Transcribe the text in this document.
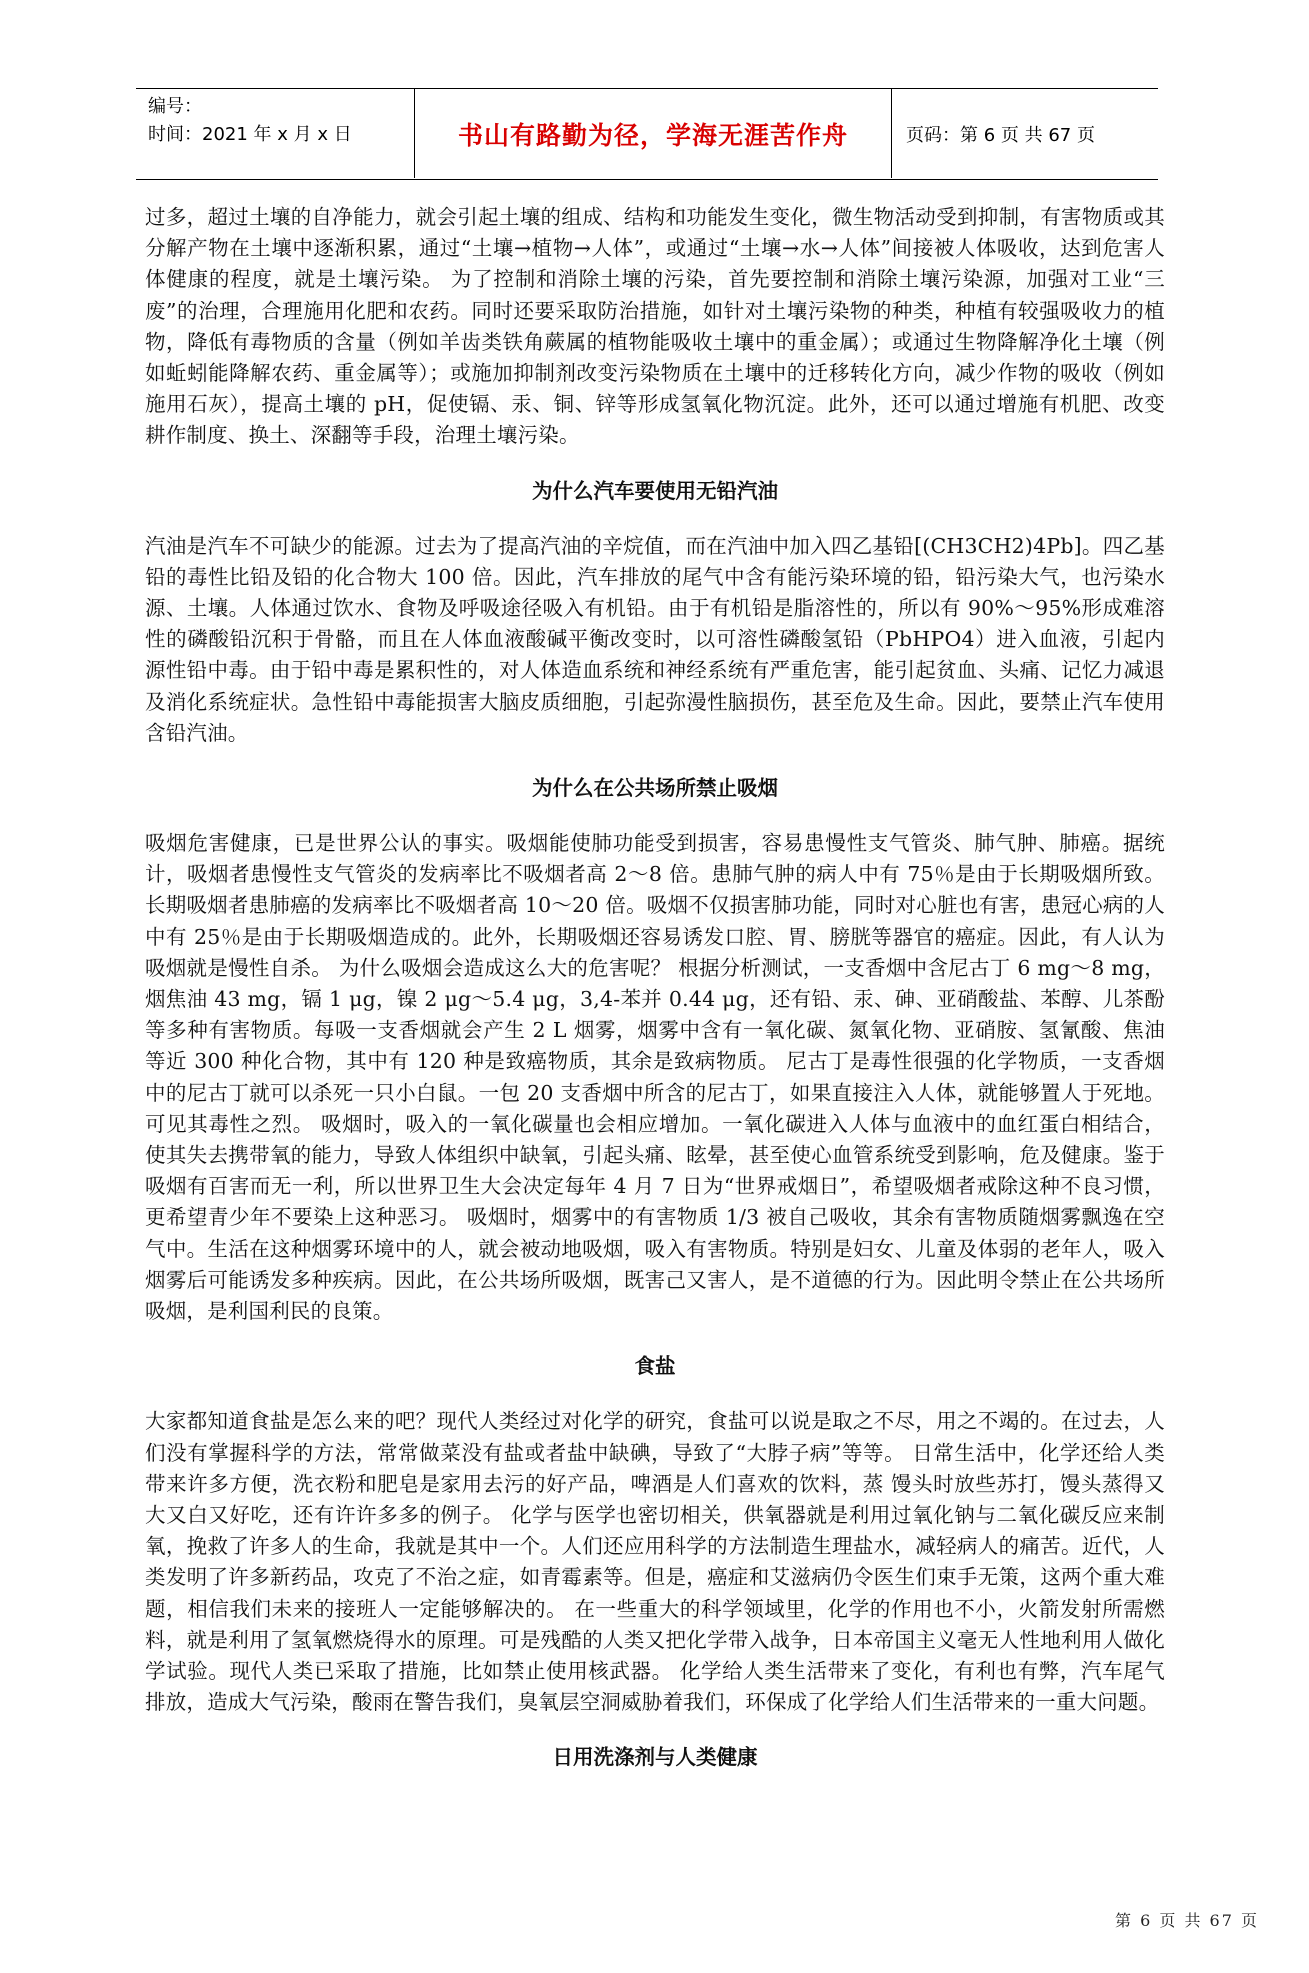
编号：
时间：2021 年 x 月 x 日	书山有路勤为径，学海无涯苦作舟	页码：第 6 页 共 67 页

过多，超过土壤的自净能力，就会引起土壤的组成、结构和功能发生变化，微生物活动受到抑制，有害物质或其分解产物在土壤中逐渐积累，通过“土壤→植物→人体”，或通过“土壤→水→人体”间接被人体吸收，达到危害人体健康的程度，就是土壤污染。 为了控制和消除土壤的污染，首先要控制和消除土壤污染源，加强对工业“三废”的治理，合理施用化肥和农药。同时还要采取防治措施，如针对土壤污染物的种类，种植有较强吸收力的植物，降低有毒物质的含量（例如羊齿类铁角蕨属的植物能吸收土壤中的重金属）；或通过生物降解净化土壤（例如蚯蚓能降解农药、重金属等）；或施加抑制剂改变污染物质在土壤中的迁移转化方向，减少作物的吸收（例如施用石灰），提高土壤的 pH，促使镉、汞、铜、锌等形成氢氧化物沉淀。此外，还可以通过增施有机肥、改变耕作制度、换土、深翻等手段，治理土壤污染。

为什么汽车要使用无铅汽油

汽油是汽车不可缺少的能源。过去为了提高汽油的辛烷值，而在汽油中加入四乙基铅[(CH3CH2)4Pb]。四乙基铅的毒性比铅及铅的化合物大 100 倍。因此，汽车排放的尾气中含有能污染环境的铅，铅污染大气，也污染水源、土壤。人体通过饮水、食物及呼吸途径吸入有机铅。由于有机铅是脂溶性的，所以有 90%～95%形成难溶性的磷酸铅沉积于骨骼，而且在人体血液酸碱平衡改变时，以可溶性磷酸氢铅（PbHPO4）进入血液，引起内源性铅中毒。由于铅中毒是累积性的，对人体造血系统和神经系统有严重危害，能引起贫血、头痛、记忆力减退及消化系统症状。急性铅中毒能损害大脑皮质细胞，引起弥漫性脑损伤，甚至危及生命。因此，要禁止汽车使用含铅汽油。

为什么在公共场所禁止吸烟

吸烟危害健康，已是世界公认的事实。吸烟能使肺功能受到损害，容易患慢性支气管炎、肺气肿、肺癌。据统计，吸烟者患慢性支气管炎的发病率比不吸烟者高 2～8 倍。患肺气肿的病人中有 75％是由于长期吸烟所致。长期吸烟者患肺癌的发病率比不吸烟者高 10～20 倍。吸烟不仅损害肺功能，同时对心脏也有害，患冠心病的人中有 25％是由于长期吸烟造成的。此外，长期吸烟还容易诱发口腔、胃、膀胱等器官的癌症。因此，有人认为吸烟就是慢性自杀。 为什么吸烟会造成这么大的危害呢？ 根据分析测试，一支香烟中含尼古丁 6 mg～8 mg，烟焦油 43 mg，镉 1 μg，镍 2 μg～5.4 μg，3,4-苯并 0.44 μg，还有铅、汞、砷、亚硝酸盐、苯醇、儿茶酚等多种有害物质。每吸一支香烟就会产生 2 L 烟雾，烟雾中含有一氧化碳、氮氧化物、亚硝胺、氢氰酸、焦油等近 300 种化合物，其中有 120 种是致癌物质，其余是致病物质。 尼古丁是毒性很强的化学物质，一支香烟中的尼古丁就可以杀死一只小白鼠。一包 20 支香烟中所含的尼古丁，如果直接注入人体，就能够置人于死地。可见其毒性之烈。 吸烟时，吸入的一氧化碳量也会相应增加。一氧化碳进入人体与血液中的血红蛋白相结合，使其失去携带氧的能力，导致人体组织中缺氧，引起头痛、眩晕，甚至使心血管系统受到影响，危及健康。鉴于吸烟有百害而无一利，所以世界卫生大会决定每年 4 月 7 日为“世界戒烟日”，希望吸烟者戒除这种不良习惯，更希望青少年不要染上这种恶习。 吸烟时，烟雾中的有害物质 1/3 被自己吸收，其余有害物质随烟雾飘逸在空气中。生活在这种烟雾环境中的人，就会被动地吸烟，吸入有害物质。特别是妇女、儿童及体弱的老年人，吸入烟雾后可能诱发多种疾病。因此，在公共场所吸烟，既害己又害人，是不道德的行为。因此明令禁止在公共场所吸烟，是利国利民的良策。

食盐

大家都知道食盐是怎么来的吧？现代人类经过对化学的研究，食盐可以说是取之不尽，用之不竭的。在过去，人们没有掌握科学的方法，常常做菜没有盐或者盐中缺碘，导致了“大脖子病”等等。 日常生活中，化学还给人类带来许多方便，洗衣粉和肥皂是家用去污的好产品，啤酒是人们喜欢的饮料，蒸 馒头时放些苏打，馒头蒸得又大又白又好吃，还有许许多多的例子。 化学与医学也密切相关，供氧器就是利用过氧化钠与二氧化碳反应来制氧，挽救了许多人的生命，我就是其中一个。人们还应用科学的方法制造生理盐水，减轻病人的痛苦。近代，人类发明了许多新药品，攻克了不治之症，如青霉素等。但是，癌症和艾滋病仍令医生们束手无策，这两个重大难题，相信我们未来的接班人一定能够解决的。 在一些重大的科学领域里，化学的作用也不小，火箭发射所需燃料，就是利用了氢氧燃烧得水的原理。可是残酷的人类又把化学带入战争，日本帝国主义毫无人性地利用人做化学试验。现代人类已采取了措施，比如禁止使用核武器。 化学给人类生活带来了变化，有利也有弊，汽车尾气排放，造成大气污染，酸雨在警告我们，臭氧层空洞威胁着我们，环保成了化学给人们生活带来的一重大问题。

日用洗涤剂与人类健康
第 6 页 共 67 页
